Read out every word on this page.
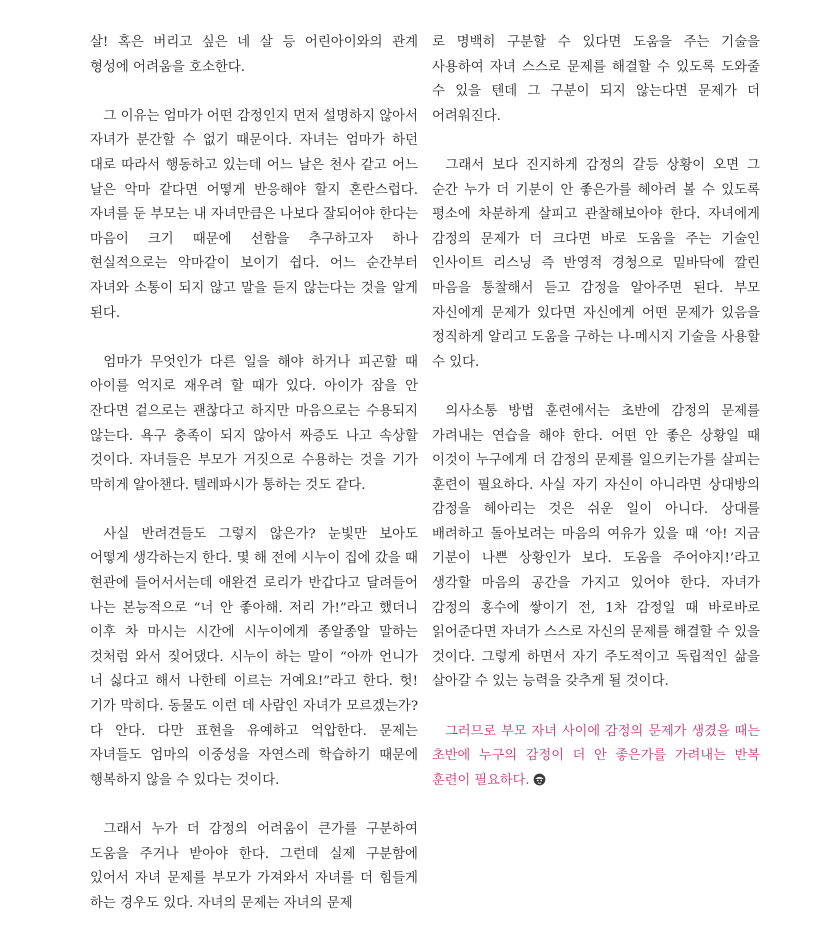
살! 혹은 버리고 싶은 네 살 등 어린아이와의 관계 형성에 어려움을 호소한다.

그 이유는 엄마가 어떤 감정인지 먼저 설명하지 않아서 자녀가 분간할 수 없기 때문이다. 자녀는 엄마가 하던 대로 따라서 행동하고 있는데 어느 날은 천사 같고 어느 날은 악마 같다면 어떻게 반응해야 할지 혼란스럽다. 자녀를 둔 부모는 내 자녀만큼은 나보다 잘되어야 한다는 마음이 크기 때문에 선함을 추구하고자 하나 현실적으로는 악마같이 보이기 쉽다. 어느 순간부터 자녀와 소통이 되지 않고 말을 듣지 않는다는 것을 알게 된다.

엄마가 무엇인가 다른 일을 해야 하거나 피곤할 때 아이를 억지로 재우려 할 때가 있다. 아이가 잠을 안 잔다면 겉으로는 괜찮다고 하지만 마음으로는 수용되지 않는다. 욕구 충족이 되지 않아서 짜증도 나고 속상할 것이다. 자녀들은 부모가 거짓으로 수용하는 것을 기가 막히게 알아챈다. 텔레파시가 통하는 것도 같다.

사실 반려견들도 그렇지 않은가? 눈빛만 보아도 어떻게 생각하는지 한다. 몇 해 전에 시누이 집에 갔을 때 현관에 들어서서는데 애완견 로리가 반갑다고 달려들어 나는 본능적으로 “너 안 좋아해. 저리 가!”라고 했더니 이후 차 마시는 시간에 시누이에게 종알종알 말하는 것처럼 와서 짖어댔다. 시누이 하는 말이 “아까 언니가 너 싫다고 해서 나한테 이르는 거예요!”라고 한다. 헛! 기가 막히다. 동물도 이런 데 사람인 자녀가 모르겠는가? 다 안다. 다만 표현을 유예하고 억압한다. 문제는 자녀들도 엄마의 이중성을 자연스레 학습하기 때문에 행복하지 않을 수 있다는 것이다.

그래서 누가 더 감정의 어려움이 큰가를 구분하여 도움을 주거나 받아야 한다. 그런데 실제 구분함에 있어서 자녀 문제를 부모가 가져와서 자녀를 더 힘들게 하는 경우도 있다. 자녀의 문제는 자녀의 문제

로 명백히 구분할 수 있다면 도움을 주는 기술을 사용하여 자녀 스스로 문제를 해결할 수 있도록 도와줄 수 있을 텐데 그 구분이 되지 않는다면 문제가 더 어려워진다.

그래서 보다 진지하게 감정의 갈등 상황이 오면 그 순간 누가 더 기분이 안 좋은가를 헤아려 볼 수 있도록 평소에 차분하게 살피고 관찰해보아야 한다. 자녀에게 감정의 문제가 더 크다면 바로 도움을 주는 기술인 인사이트 리스닝 즉 반영적 경청으로 밑바닥에 깔린 마음을 통찰해서 듣고 감정을 알아주면 된다. 부모 자신에게 문제가 있다면 자신에게 어떤 문제가 있음을 정직하게 알리고 도움을 구하는 나-메시지 기술을 사용할 수 있다.

의사소통 방법 훈련에서는 초반에 감정의 문제를 가려내는 연습을 해야 한다. 어떤 안 좋은 상황일 때 이것이 누구에게 더 감정의 문제를 일으키는가를 살피는 훈련이 필요하다. 사실 자기 자신이 아니라면 상대방의 감정을 헤아리는 것은 쉬운 일이 아니다. 상대를 배려하고 돌아보려는 마음의 여유가 있을 때 ‘아! 지금 기분이 나쁜 상황인가 보다. 도움을 주어야지!’라고 생각할 마음의 공간을 가지고 있어야 한다. 자녀가 감정의 홍수에 쌓이기 전, 1차 감정일 때 바로바로 읽어준다면 자녀가 스스로 자신의 문제를 해결할 수 있을 것이다. 그렇게 하면서 자기 주도적이고 독립적인 삶을 살아갈 수 있는 능력을 갖추게 될 것이다.

그러므로 부모 자녀 사이에 감정의 문제가 생겼을 때는 초반에 누구의 감정이 더 안 좋은가를 가려내는 반복 훈련이 필요하다.
